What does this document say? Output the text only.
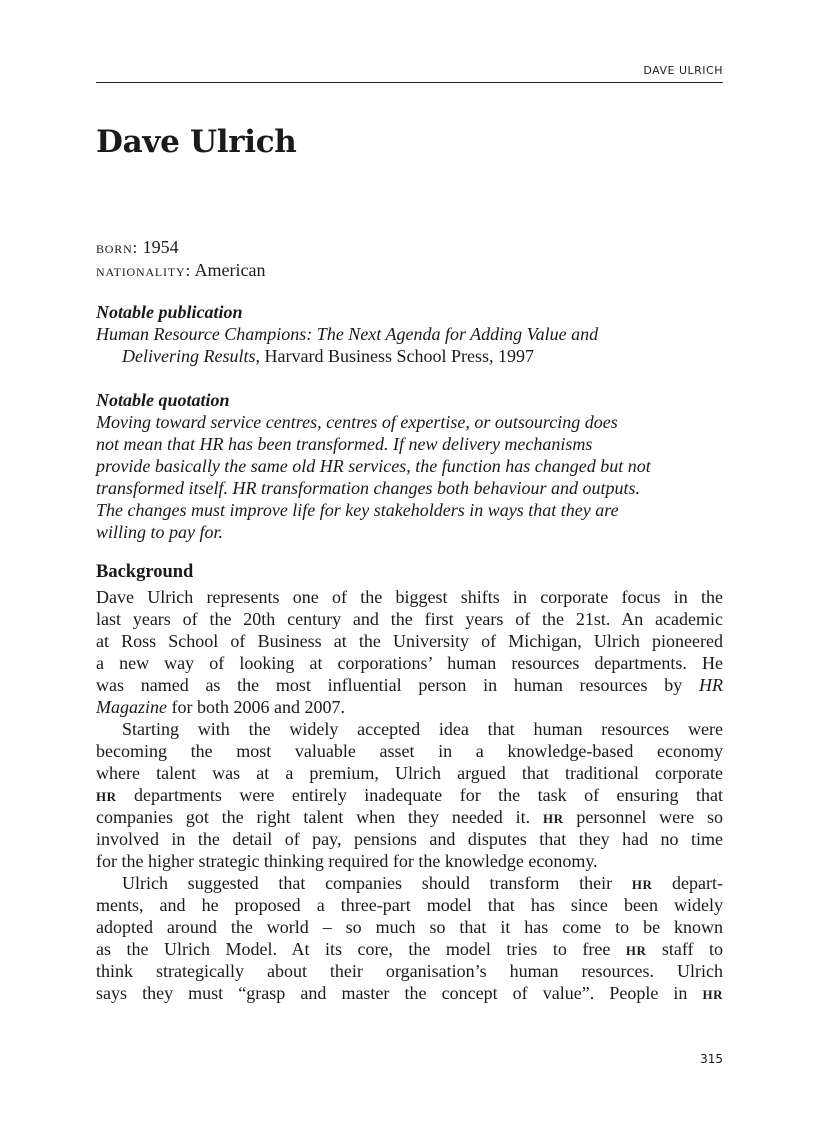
DAVE ULRICH
Dave Ulrich
born: 1954
nationality: American
Notable publication
Human Resource Champions: The Next Agenda for Adding Value and
Delivering Results, Harvard Business School Press, 1997
Notable quotation
Moving toward service centres, centres of expertise, or outsourcing does
not mean that HR has been transformed. If new delivery mechanisms
provide basically the same old HR services, the function has changed but not
transformed itself. HR transformation changes both behaviour and outputs.
The changes must improve life for key stakeholders in ways that they are
willing to pay for.
Background
Dave Ulrich represents one of the biggest shifts in corporate focus in the
last years of the 20th century and the first years of the 21st. An academic
at Ross School of Business at the University of Michigan, Ulrich pioneered
a new way of looking at corporations’ human resources departments. He
was named as the most influential person in human resources by HR
Magazine for both 2006 and 2007.
Starting with the widely accepted idea that human resources were
becoming the most valuable asset in a knowledge-based economy
where talent was at a premium, Ulrich argued that traditional corporate
hr departments were entirely inadequate for the task of ensuring that
companies got the right talent when they needed it. hr personnel were so
involved in the detail of pay, pensions and disputes that they had no time
for the higher strategic thinking required for the knowledge economy.
Ulrich suggested that companies should transform their hr depart-
ments, and he proposed a three-part model that has since been widely
adopted around the world – so much so that it has come to be known
as the Ulrich Model. At its core, the model tries to free hr staff to
think strategically about their organisation’s human resources. Ulrich
says they must “grasp and master the concept of value”. People in hr
315
